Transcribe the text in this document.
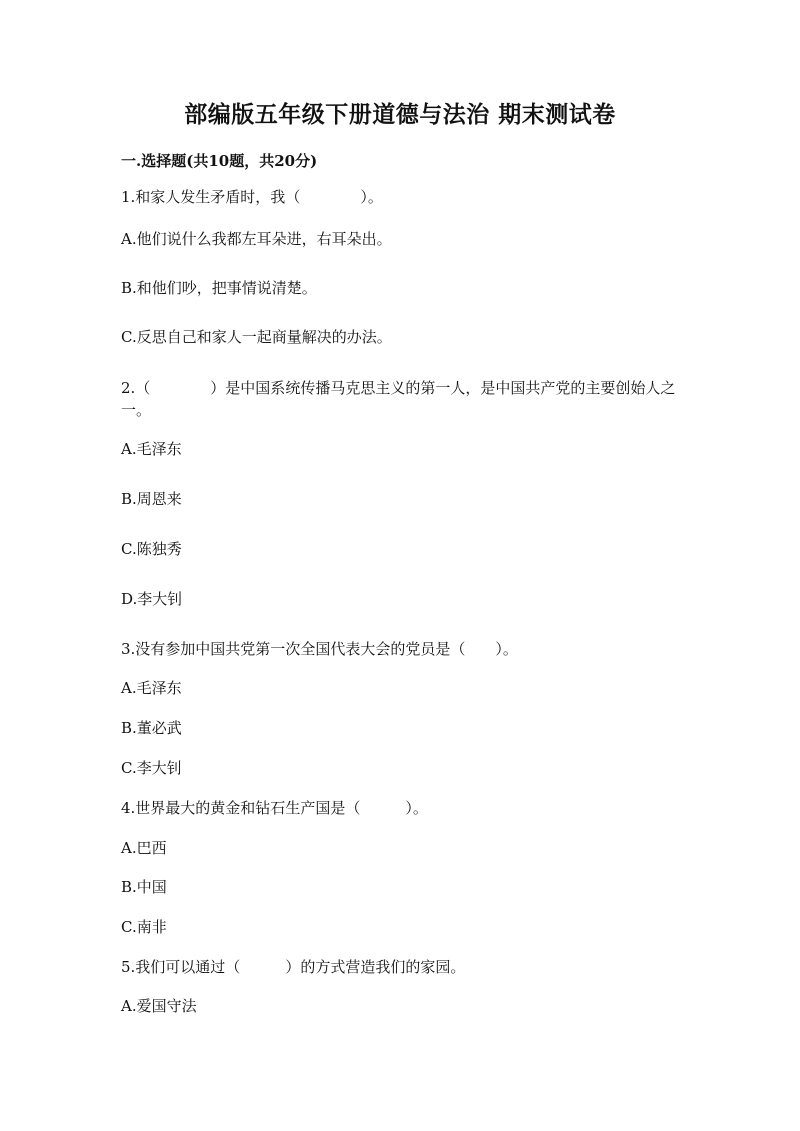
部编版五年级下册道德与法治 期末测试卷
一.选择题(共10题，共20分)
1.和家人发生矛盾时，我（　　　　）。
A.他们说什么我都左耳朵进，右耳朵出。
B.和他们吵，把事情说清楚。
C.反思自己和家人一起商量解决的办法。
2.（　　　　）是中国系统传播马克思主义的第一人，是中国共产党的主要创始人之一。
A.毛泽东
B.周恩来
C.陈独秀
D.李大钊
3.没有参加中国共党第一次全国代表大会的党员是（　　）。
A.毛泽东
B.董必武
C.李大钊
4.世界最大的黄金和钻石生产国是（　　　）。
A.巴西
B.中国
C.南非
5.我们可以通过（　　　）的方式营造我们的家园。
A.爱国守法
